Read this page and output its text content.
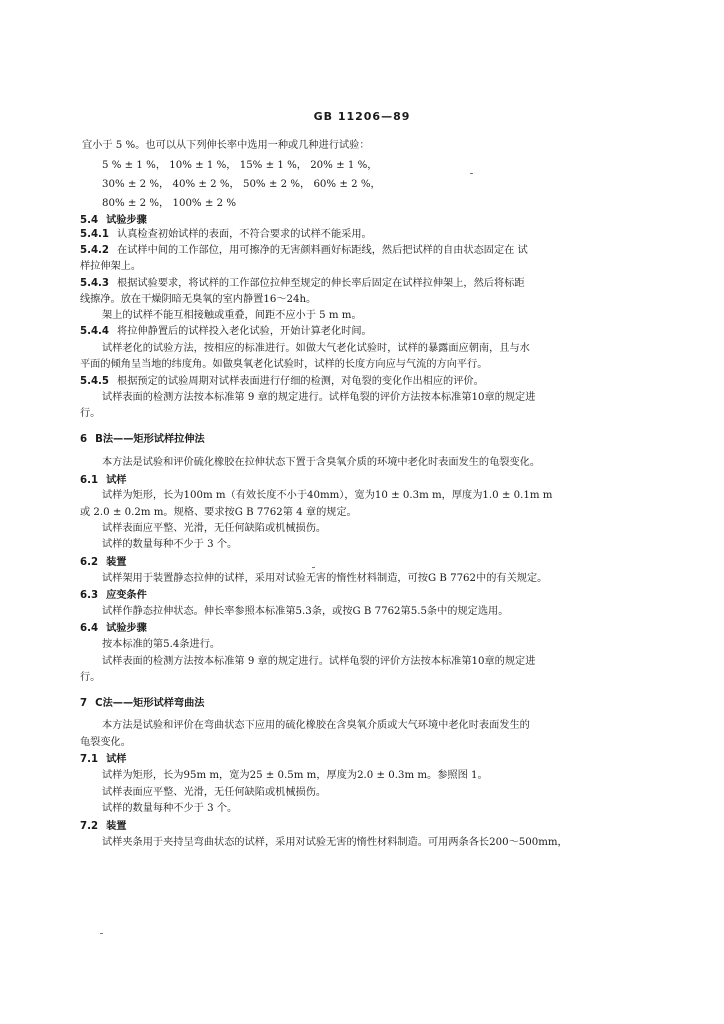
GB 11206—89
宜小于 5 %。也可以从下列伸长率中选用一种或几种进行试验：
5 % ± 1 %， 10% ± 1 %， 15% ± 1 %， 20% ± 1 %，
30% ± 2 %， 40% ± 2 %， 50% ± 2 %， 60% ± 2 %，
80% ± 2 %， 100% ± 2 %
5.4 试验步骤
5.4.1 认真检查初始试样的表面，不符合要求的试样不能采用。
5.4.2 在试样中间的工作部位，用可擦净的无害颜料画好标距线，然后把试样的自由状态固定在 试
样拉伸架上。
5.4.3 根据试验要求，将试样的工作部位拉伸至规定的伸长率后固定在试样拉伸架上，然后将标距
线擦净。放在干燥阴暗无臭氧的室内静置16～24h。
架上的试样不能互相接触或重叠，间距不应小于 5 m m。
5.4.4 将拉伸静置后的试样投入老化试验，开始计算老化时间。
试样老化的试验方法，按相应的标准进行。如做大气老化试验时，试样的暴露面应朝南，且与水
平面的倾角呈当地的纬度角。如做臭氧老化试验时，试样的长度方向应与气流的方向平行。
5.4.5 根据预定的试验周期对试样表面进行仔细的检测，对龟裂的变化作出相应的评价。
试样表面的检测方法按本标准第 9 章的规定进行。试样龟裂的评价方法按本标准第10章的规定进
行。
6 B法——矩形试样拉伸法
本方法是试验和评价硫化橡胶在拉伸状态下置于含臭氧介质的环境中老化时表面发生的龟裂变化。
6.1 试样
试样为矩形，长为100m m（有效长度不小于40mm），宽为10 ± 0.3m m，厚度为1.0 ± 0.1m m
或 2.0 ± 0.2m m。规格、要求按G B 7762第 4 章的规定。
试样表面应平整、光滑，无任何缺陷或机械损伤。
试样的数量每种不少于 3 个。
6.2 装置
试样架用于装置静态拉伸的试样，采用对试验无害的惰性材料制造，可按G B 7762中的有关规定。
6.3 应变条件
试样作静态拉伸状态。伸长率参照本标准第5.3条，或按G B 7762第5.5条中的规定选用。
6.4 试验步骤
按本标准的第5.4条进行。
试样表面的检测方法按本标准第 9 章的规定进行。试样龟裂的评价方法按本标准第10章的规定进
行。
7 C法——矩形试样弯曲法
本方法是试验和评价在弯曲状态下应用的硫化橡胶在含臭氧介质或大气环境中老化时表面发生的
龟裂变化。
7.1 试样
试样为矩形，长为95m m，宽为25 ± 0.5m m，厚度为2.0 ± 0.3m m。参照图 1。
试样表面应平整、光滑，无任何缺陷或机械损伤。
试样的数量每种不少于 3 个。
7.2 装置
试样夹条用于夹持呈弯曲状态的试样，采用对试验无害的惰性材料制造。可用两条各长200～500mm，
